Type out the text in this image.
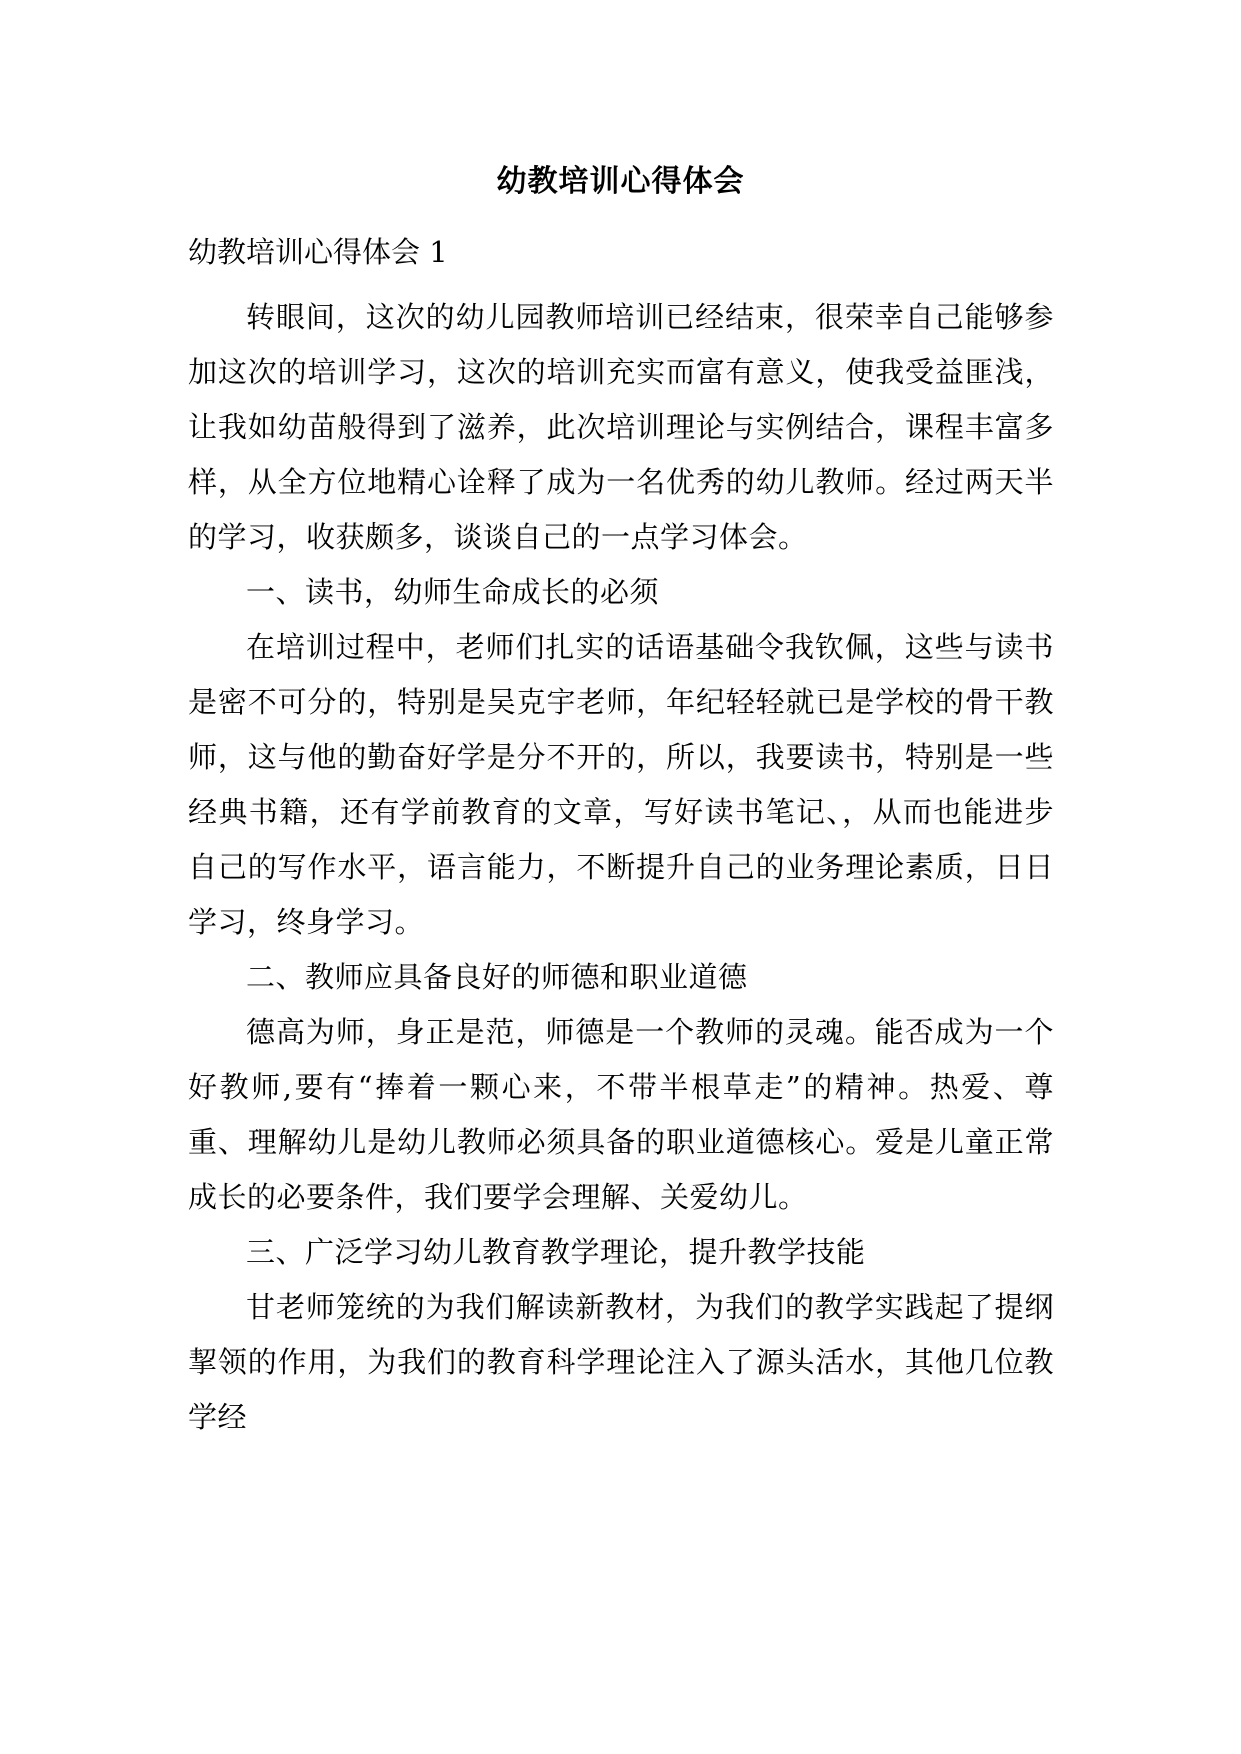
幼教培训心得体会

幼教培训心得体会 1

转眼间，这次的幼儿园教师培训已经结束，很荣幸自己能够参加这次的培训学习，这次的培训充实而富有意义，使我受益匪浅，让我如幼苗般得到了滋养，此次培训理论与实例结合，课程丰富多样，从全方位地精心诠释了成为一名优秀的幼儿教师。经过两天半的学习，收获颇多，谈谈自己的一点学习体会。

一、读书，幼师生命成长的必须

在培训过程中，老师们扎实的话语基础令我钦佩，这些与读书是密不可分的，特别是吴克宇老师，年纪轻轻就已是学校的骨干教师，这与他的勤奋好学是分不开的，所以，我要读书，特别是一些经典书籍，还有学前教育的文章，写好读书笔记、，从而也能进步自己的写作水平，语言能力，不断提升自己的业务理论素质，日日学习，终身学习。

二、教师应具备良好的师德和职业道德

德高为师，身正是范，师德是一个教师的灵魂。能否成为一个好教师,要有“捧着一颗心来，不带半根草走”的精神。热爱、尊重、理解幼儿是幼儿教师必须具备的职业道德核心。爱是儿童正常成长的必要条件，我们要学会理解、关爱幼儿。

三、广泛学习幼儿教育教学理论，提升教学技能

甘老师笼统的为我们解读新教材，为我们的教学实践起了提纲挈领的作用，为我们的教育科学理论注入了源头活水，其他几位教学经
